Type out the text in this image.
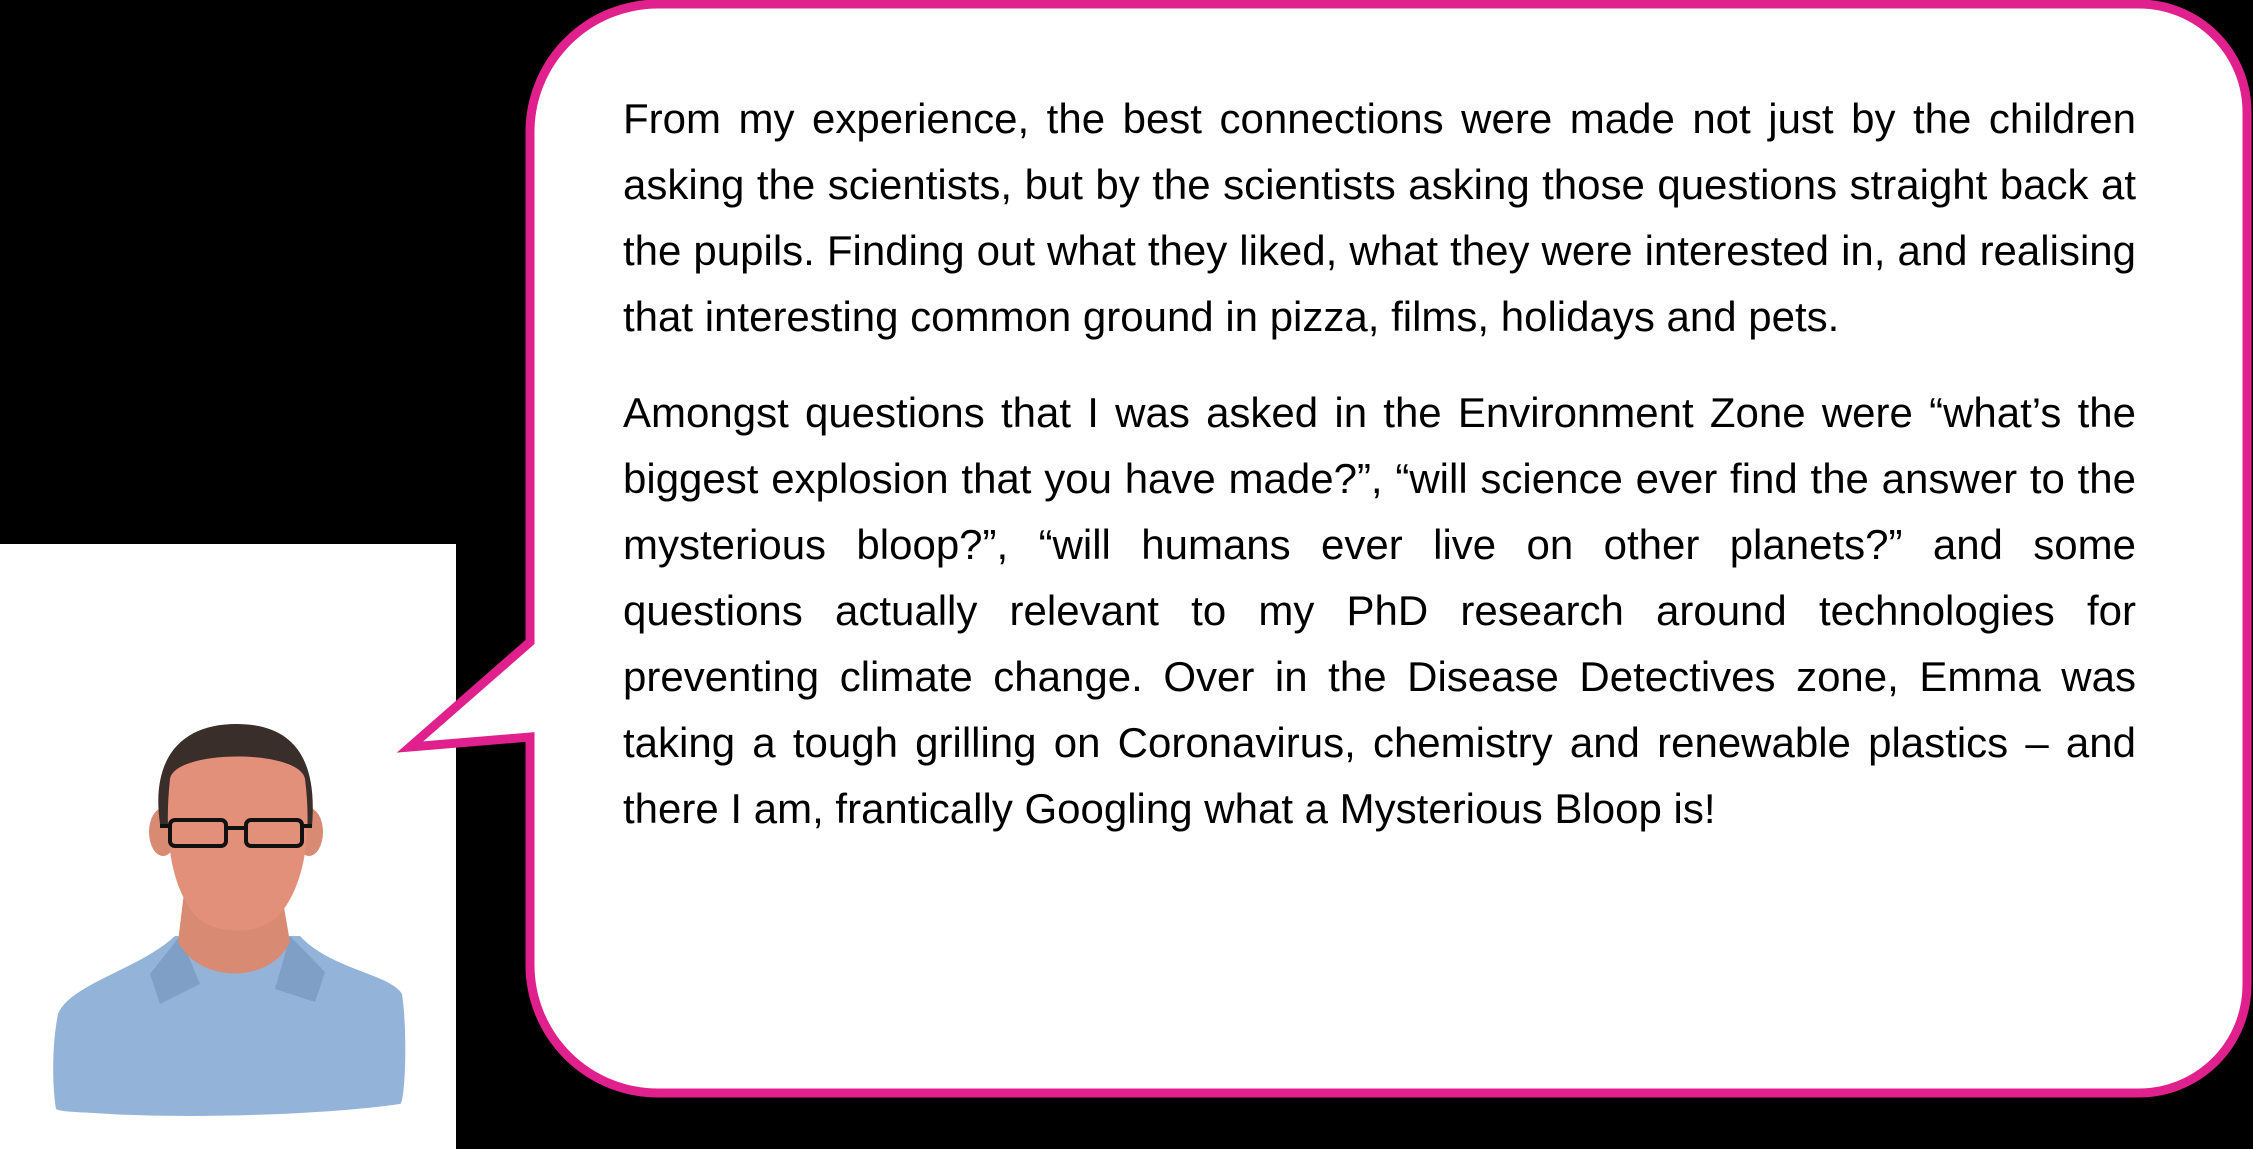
From my experience, the best connections were made not just by the children asking the scientists, but by the scientists asking those questions straight back at the pupils. Finding out what they liked, what they were interested in, and realising that interesting common ground in pizza, films, holidays and pets.

Amongst questions that I was asked in the Environment Zone were “what’s the biggest explosion that you have made?”, “will science ever find the answer to the mysterious bloop?”, “will humans ever live on other planets?” and some questions actually relevant to my PhD research around technologies for preventing climate change. Over in the Disease Detectives zone, Emma was taking a tough grilling on Coronavirus, chemistry and renewable plastics – and there I am, frantically Googling what a Mysterious Bloop is!
